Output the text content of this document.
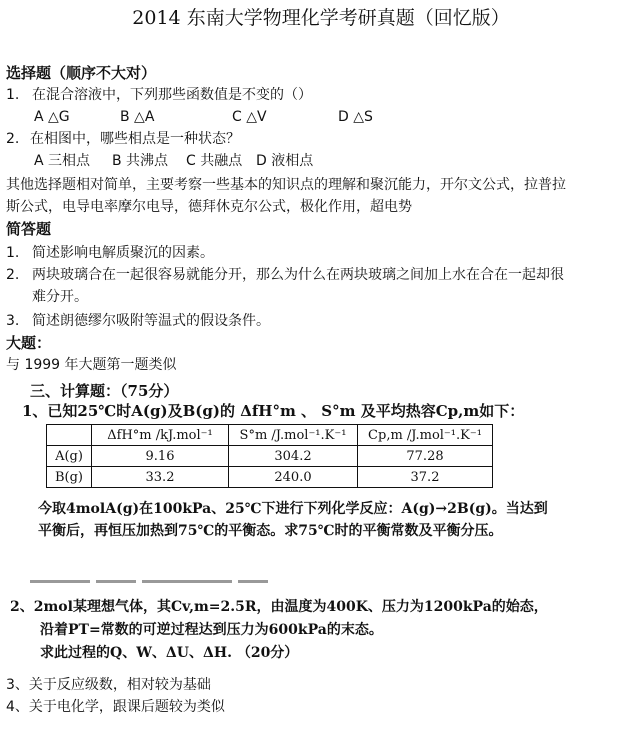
2014 东南大学物理化学考研真题（回忆版）
选择题（顺序不大对）
1. 在混合溶液中，下列那些函数值是不变的（）
A △G	B △A	C △V	D △S
2. 在相图中，哪些相点是一种状态？
A 三相点 B 共沸点 C 共融点 D 液相点
其他选择题相对简单，主要考察一些基本的知识点的理解和聚沉能力，开尔文公式，拉普拉
斯公式，电导电率摩尔电导，德拜休克尔公式，极化作用，超电势
简答题
1. 简述影响电解质聚沉的因素。
2. 两块玻璃合在一起很容易就能分开，那么为什么在两块玻璃之间加上水在合在一起却很
难分开。
3. 简述朗德缪尔吸附等温式的假设条件。
大题：
与 1999 年大题第一题类似
三、计算题：（75分）
1、已知25℃时A(g)及B(g)的 ΔfH°m 、 S°m 及平均热容Cp,m如下：
	ΔfH°m /kJ.mol⁻¹	S°m /J.mol⁻¹.K⁻¹	Cp,m /J.mol⁻¹.K⁻¹
A(g)	9.16	304.2	77.28
B(g)	33.2	240.0	37.2
今取4molA(g)在100kPa、25℃下进行下列化学反应：A(g)→2B(g)。当达到
平衡后，再恒压加热到75℃的平衡态。求75℃时的平衡常数及平衡分压。
2、2mol某理想气体，其Cv,m=2.5R，由温度为400K、压力为1200kPa的始态，
沿着PT=常数的可逆过程达到压力为600kPa的末态。
求此过程的Q、W、ΔU、ΔH. （20分）
3、关于反应级数，相对较为基础
4、关于电化学，跟课后题较为类似
